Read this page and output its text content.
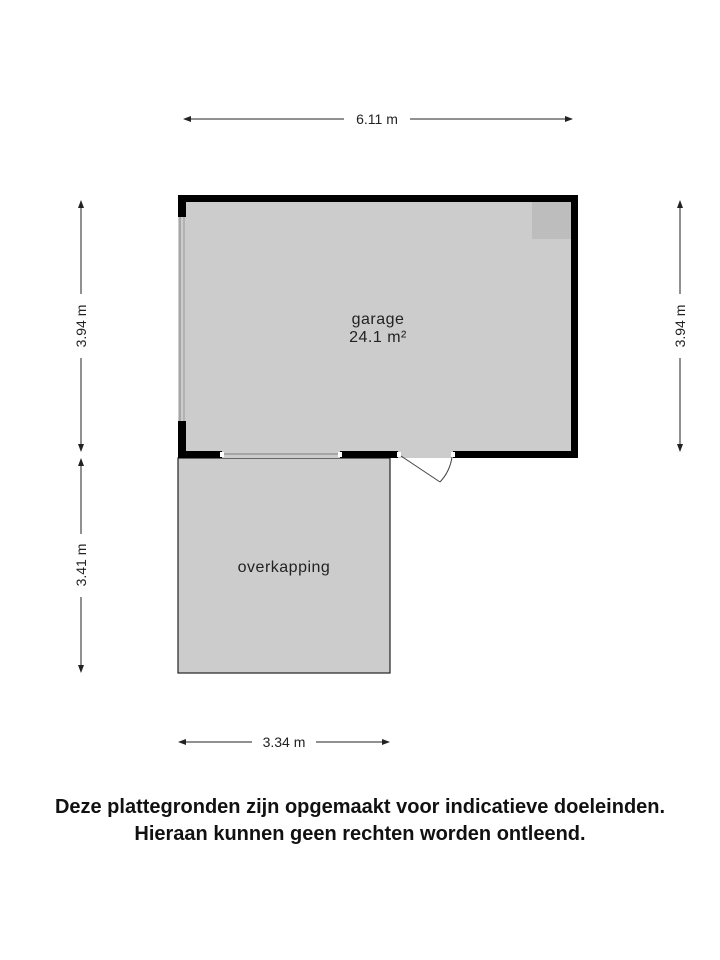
overkapping
garage
24.1 m²
6.11 m
3.94 m
3.41 m
3.94 m
3.34 m
Deze plattegronden zijn opgemaakt voor indicatieve doeleinden.
Hieraan kunnen geen rechten worden ontleend.
